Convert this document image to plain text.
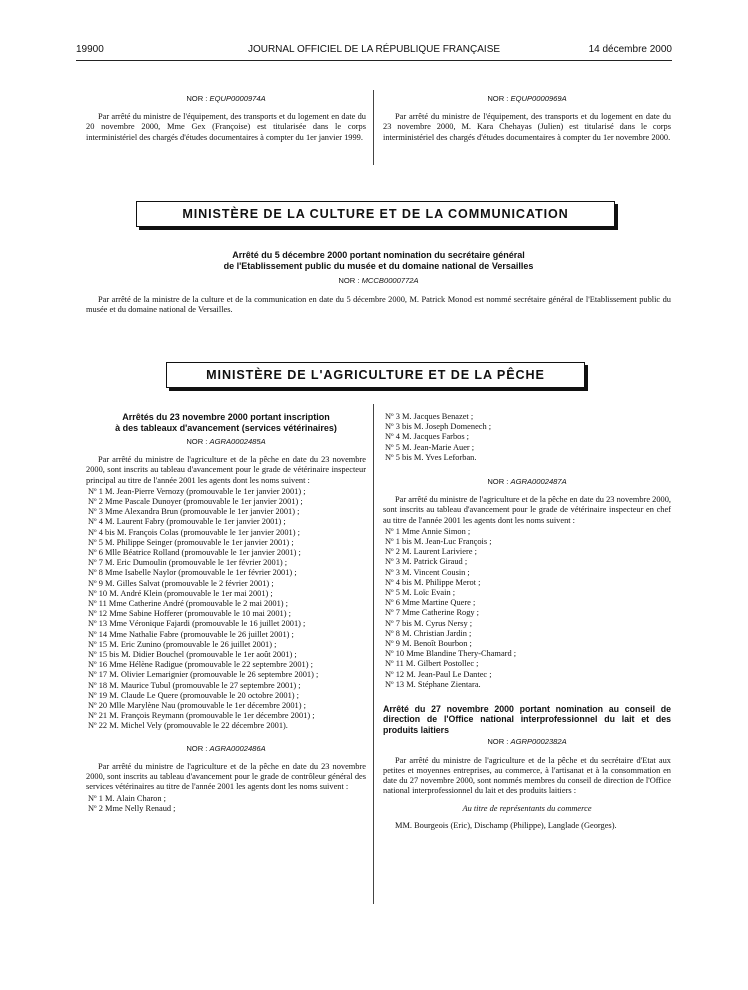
19900	JOURNAL OFFICIEL DE LA RÉPUBLIQUE FRANÇAISE	14 décembre 2000
NOR : EQUP0000974A

Par arrêté du ministre de l'équipement, des transports et du logement en date du 20 novembre 2000, Mme Gex (Françoise) est titularisée dans le corps interministériel des chargés d'études documentaires à compter du 1er janvier 1999.

NOR : EQUP0000969A

Par arrêté du ministre de l'équipement, des transports et du logement en date du 23 novembre 2000, M. Kara Chehayas (Julien) est titularisé dans le corps interministériel des chargés d'études documentaires à compter du 1er novembre 2000.

MINISTÈRE DE LA CULTURE ET DE LA COMMUNICATION
Arrêté du 5 décembre 2000 portant nomination du secrétaire général
de l'Etablissement public du musée et du domaine national de Versailles
NOR : MCCB0000772A

Par arrêté de la ministre de la culture et de la communication en date du 5 décembre 2000, M. Patrick Monod est nommé secrétaire général de l'Etablissement public du musée et du domaine national de Versailles.

MINISTÈRE DE L'AGRICULTURE ET DE LA PÊCHE
Arrêtés du 23 novembre 2000 portant inscription
à des tableaux d'avancement (services vétérinaires)
NOR : AGRA0002485A

Par arrêté du ministre de l'agriculture et de la pêche en date du 23 novembre 2000, sont inscrits au tableau d'avancement pour le grade de vétérinaire inspecteur principal au titre de l'année 2001 les agents dont les noms suivent :

Nº 1 M. Jean-Pierre Vernozy (promouvable le 1er janvier 2001) ;
Nº 2 Mme Pascale Dunoyer (promouvable le 1er janvier 2001) ;
Nº 3 Mme Alexandra Brun (promouvable le 1er janvier 2001) ;
Nº 4 M. Laurent Fabry (promouvable le 1er janvier 2001) ;
Nº 4 bis M. François Colas (promouvable le 1er janvier 2001) ;
Nº 5 M. Philippe Seinger (promouvable le 1er janvier 2001) ;
Nº 6 Mlle Béatrice Rolland (promouvable le 1er janvier 2001) ;
Nº 7 M. Eric Dumoulin (promouvable le 1er février 2001) ;
Nº 8 Mme Isabelle Naylor (promouvable le 1er février 2001) ;
Nº 9 M. Gilles Salvat (promouvable le 2 février 2001) ;
Nº 10 M. André Klein (promouvable le 1er mai 2001) ;
Nº 11 Mme Catherine André (promouvable le 2 mai 2001) ;
Nº 12 Mme Sabine Hofferer (promouvable le 10 mai 2001) ;
Nº 13 Mme Véronique Fajardi (promouvable le 16 juillet 2001) ;
Nº 14 Mme Nathalie Fabre (promouvable le 26 juillet 2001) ;
Nº 15 M. Eric Zunino (promouvable le 26 juillet 2001) ;
Nº 15 bis M. Didier Bouchel (promouvable le 1er août 2001) ;
Nº 16 Mme Hélène Radigue (promouvable le 22 septembre 2001) ;
Nº 17 M. Olivier Lemarignier (promouvable le 26 septembre 2001) ;
Nº 18 M. Maurice Tubul (promouvable le 27 septembre 2001) ;
Nº 19 M. Claude Le Quere (promouvable le 20 octobre 2001) ;
Nº 20 Mlle Marylène Nau (promouvable le 1er décembre 2001) ;
Nº 21 M. François Reymann (promouvable le 1er décembre 2001) ;
Nº 22 M. Michel Vely (promouvable le 22 décembre 2001).
NOR : AGRA0002486A

Par arrêté du ministre de l'agriculture et de la pêche en date du 23 novembre 2000, sont inscrits au tableau d'avancement pour le grade de contrôleur général des services vétérinaires au titre de l'année 2001 les agents dont les noms suivent :

Nº 1 M. Alain Charon ;
Nº 2 Mme Nelly Renaud ;
Nº 3 M. Jacques Benazet ;
Nº 3 bis M. Joseph Domenech ;
Nº 4 M. Jacques Farbos ;
Nº 5 M. Jean-Marie Auer ;
Nº 5 bis M. Yves Leforban.
NOR : AGRA0002487A

Par arrêté du ministre de l'agriculture et de la pêche en date du 23 novembre 2000, sont inscrits au tableau d'avancement pour le grade de vétérinaire inspecteur en chef au titre de l'année 2001 les agents dont les noms suivent :

Nº 1 Mme Annie Simon ;
Nº 1 bis M. Jean-Luc François ;
Nº 2 M. Laurent Lariviere ;
Nº 3 M. Patrick Giraud ;
Nº 3 M. Vincent Cousin ;
Nº 4 bis M. Philippe Merot ;
Nº 5 M. Loïc Evain ;
Nº 6 Mme Martine Quere ;
Nº 7 Mme Catherine Rogy ;
Nº 7 bis M. Cyrus Nersy ;
Nº 8 M. Christian Jardin ;
Nº 9 M. Benoît Bourbon ;
Nº 10 Mme Blandine Thery-Chamard ;
Nº 11 M. Gilbert Postollec ;
Nº 12 M. Jean-Paul Le Dantec ;
Nº 13 M. Stéphane Zientara.
Arrêté du 27 novembre 2000 portant nomination au conseil de direction de l'Office national interprofessionnel du lait et des produits laitiers
NOR : AGRP0002382A

Par arrêté du ministre de l'agriculture et de la pêche et du secrétaire d'Etat aux petites et moyennes entreprises, au commerce, à l'artisanat et à la consommation en date du 27 novembre 2000, sont nommés membres du conseil de direction de l'Office national interprofessionnel du lait et des produits laitiers :

Au titre de représentants du commerce

MM. Bourgeois (Eric), Dischamp (Philippe), Langlade (Georges).
